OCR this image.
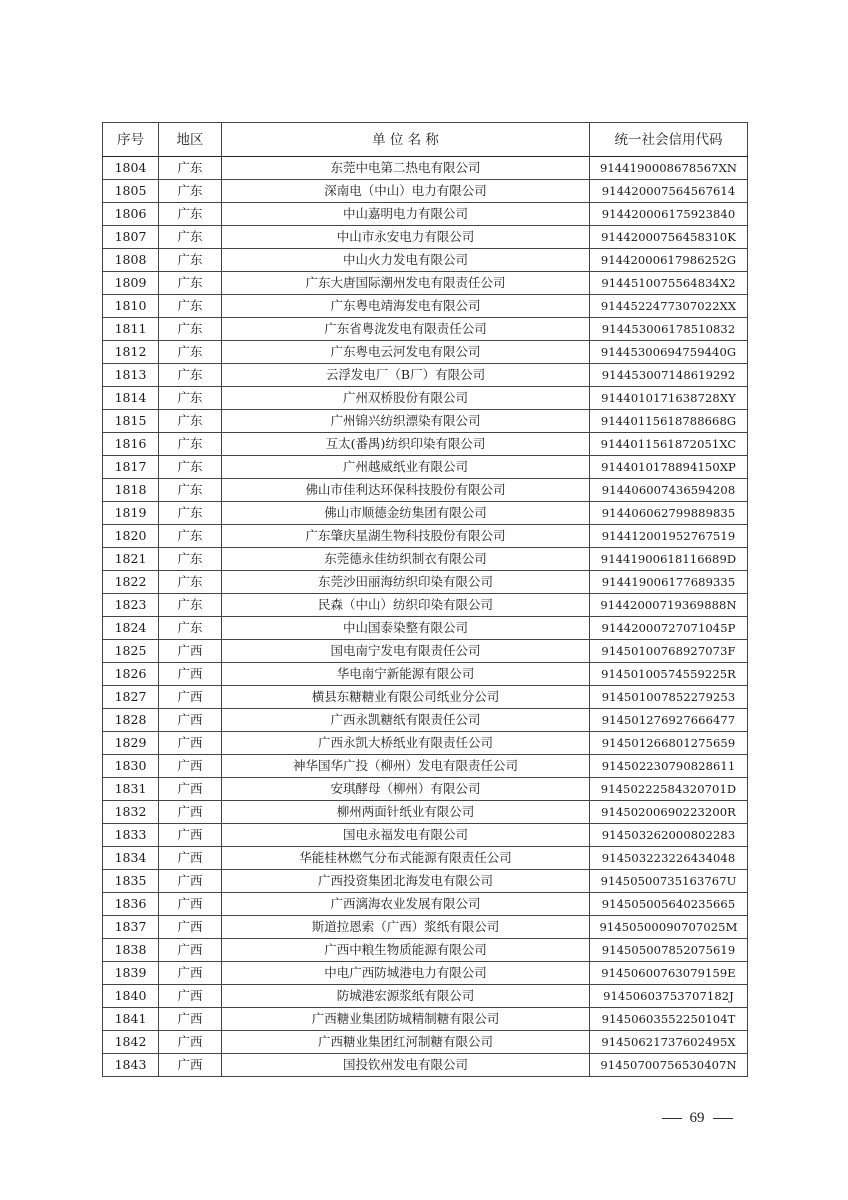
序号	地区	单 位 名 称	统一社会信用代码
1804	广东	东莞中电第二热电有限公司	91441900086785​67XN
1805	广东	深南电（中山）电力有限公司	914420007564567614
1806	广东	中山嘉明电力有限公司	914420006175923840
1807	广东	中山市永安电力有限公司	91442000756458310K
1808	广东	中山火力发电有限公司	91442000617986252G
1809	广东	广东大唐国际潮州发电有限责任公司	91445100755648​34X2
1810	广东	广东粤电靖海发电有限公司	91445224773070​22XX
1811	广东	广东省粤泷发电有限责任公司	914453006178510832
1812	广东	广东粤电云河发电有限公司	91445300694759440G
1813	广东	云浮发电厂（B厂）有限公司	914453007148619292
1814	广东	广州双桥股份有限公司	91440101716387​28XY
1815	广东	广州锦兴纺织漂染有限公司	91440115618788668G
1816	广东	互太(番禺)纺织印染有限公司	91440115618720​51XC
1817	广东	广州越威纸业有限公司	91440101788941​50XP
1818	广东	佛山市佳利达环保科技股份有限公司	914406007436594208
1819	广东	佛山市顺德金纺集团有限公司	914406062799889835
1820	广东	广东肇庆星湖生物科技股份有限公司	914412001952767519
1821	广东	东莞德永佳纺织制衣有限公司	91441900618116689D
1822	广东	东莞沙田丽海纺织印染有限公司	914419006177689335
1823	广东	民森（中山）纺织印染有限公司	91442000719369888N
1824	广东	中山国泰染整有限公司	91442000727071045P
1825	广西	国电南宁发电有限责任公司	91450100768927073F
1826	广西	华电南宁新能源有限公司	91450100574559225R
1827	广西	横县东糖糖业有限公司纸业分公司	914501007852279253
1828	广西	广西永凯糖纸有限责任公司	914501276927666477
1829	广西	广西永凯大桥纸业有限责任公司	914501266801275659
1830	广西	神华国华广投（柳州）发电有限责任公司	914502230790828611
1831	广西	安琪酵母（柳州）有限公司	91450222584320701D
1832	广西	柳州两面针纸业有限公司	91450200690223200R
1833	广西	国电永福发电有限公司	914503262000802283
1834	广西	华能桂林燃气分布式能源有限责任公司	914503223226434048
1835	广西	广西投资集团北海发电有限公司	91450500735163767U
1836	广西	广西漓海农业发展有限公司	914505005640235665
1837	广西	斯道拉恩索（广西）浆纸有限公司	91450500090707025M
1838	广西	广西中粮生物质能源有限公司	914505007852075619
1839	广西	中电广西防城港电力有限公司	91450600763079159E
1840	广西	防城港宏源浆纸有限公司	91450603753707182J
1841	广西	广西糖业集团防城精制糖有限公司	91450603552250104T
1842	广西	广西糖业集团红河制糖有限公司	914506217376024​95X
1843	广西	国投钦州发电有限公司	91450700756530407N
69
